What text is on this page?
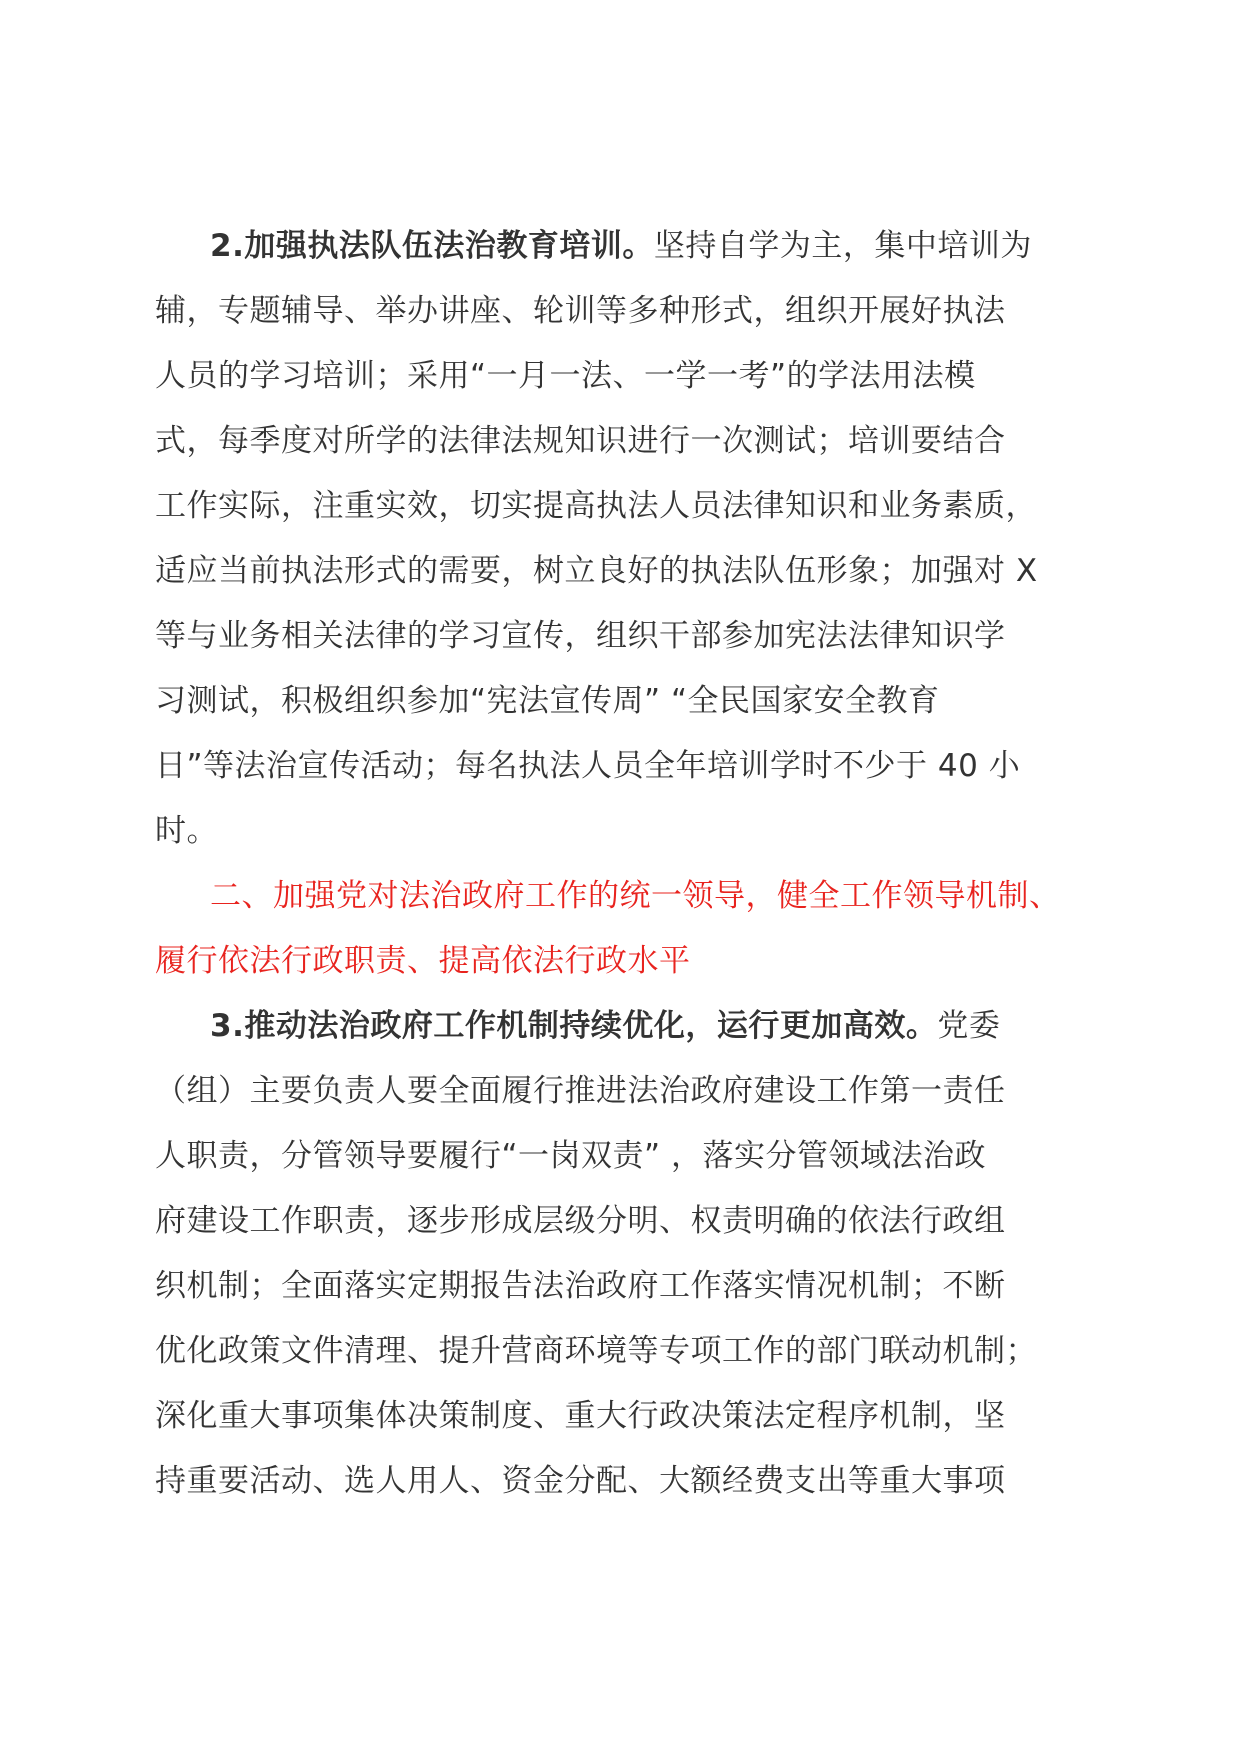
2.加强执法队伍法治教育培训。坚持自学为主，集中培训为
辅，专题辅导、举办讲座、轮训等多种形式，组织开展好执法
人员的学习培训；采用“一月一法、一学一考”的学法用法模
式，每季度对所学的法律法规知识进行一次测试；培训要结合
工作实际，注重实效，切实提高执法人员法律知识和业务素质，
适应当前执法形式的需要，树立良好的执法队伍形象；加强对 X
等与业务相关法律的学习宣传，组织干部参加宪法法律知识学
习测试，积极组织参加“宪法宣传周” “全民国家安全教育
日”等法治宣传活动；每名执法人员全年培训学时不少于 40 小
时。
二、加强党对法治政府工作的统一领导，健全工作领导机制、
履行依法行政职责、提高依法行政水平
3.推动法治政府工作机制持续优化，运行更加高效。党委
（组）主要负责人要全面履行推进法治政府建设工作第一责任
人职责，分管领导要履行“一岗双责” ，落实分管领域法治政
府建设工作职责，逐步形成层级分明、权责明确的依法行政组
织机制；全面落实定期报告法治政府工作落实情况机制；不断
优化政策文件清理、提升营商环境等专项工作的部门联动机制；
深化重大事项集体决策制度、重大行政决策法定程序机制，坚
持重要活动、选人用人、资金分配、大额经费支出等重大事项
